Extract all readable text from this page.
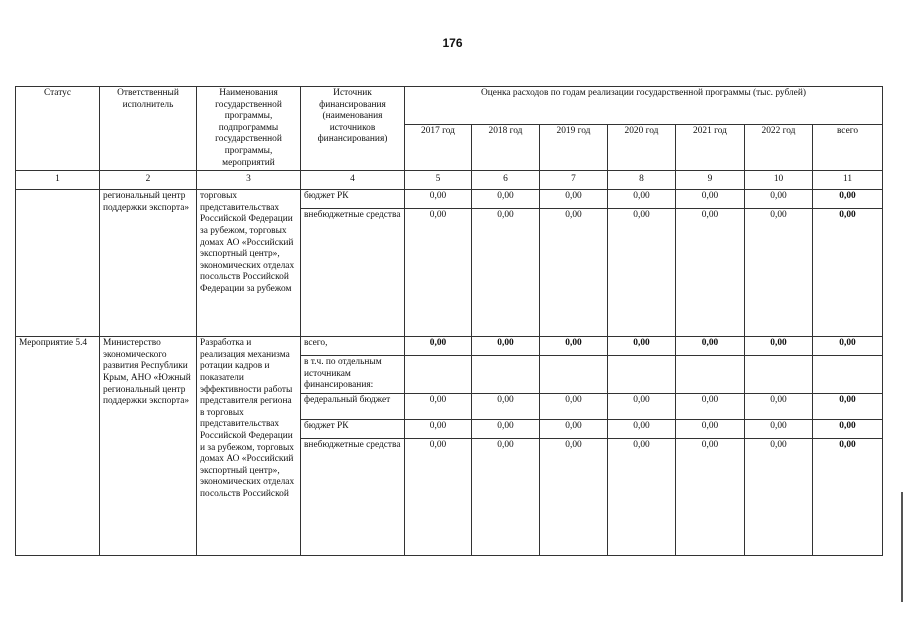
176
Статус	Ответственный исполнитель	Наименования государственной программы, подпрограммы государственной программы, мероприятий	Источник финансирования (наименования источников финансирования)	Оценка расходов по годам реализации государственной программы (тыс. рублей)						
				2017 год	2018 год	2019 год	2020 год	2021 год	2022 год	всего
1	2	3	4	5	6	7	8	9	10	11
	региональный центр поддержки экспорта»	торговых представительствах Российской Федерации за рубежом, торговых домах АО «Российский экспортный центр», экономических отделах посольств Российской Федерации за рубежом	бюджет РК	0,00	0,00	0,00	0,00	0,00	0,00	0,00
			внебюджетные средства	0,00	0,00	0,00	0,00	0,00	0,00	0,00
Мероприятие 5.4	Министерство экономического развития Республики Крым, АНО «Южный региональный центр поддержки экспорта»	Разработка и реализация механизма ротации кадров и показатели эффективности работы представителя региона в торговых представительствах Российской Федерации и за рубежом, торговых домах АО «Российский экспортный центр», экономических отделах посольств Российской	всего,	0,00	0,00	0,00	0,00	0,00	0,00	0,00
			в т.ч. по отдельным источникам финансирования:							
			федеральный бюджет	0,00	0,00	0,00	0,00	0,00	0,00	0,00
			бюджет РК	0,00	0,00	0,00	0,00	0,00	0,00	0,00
			внебюджетные средства	0,00	0,00	0,00	0,00	0,00	0,00	0,00
